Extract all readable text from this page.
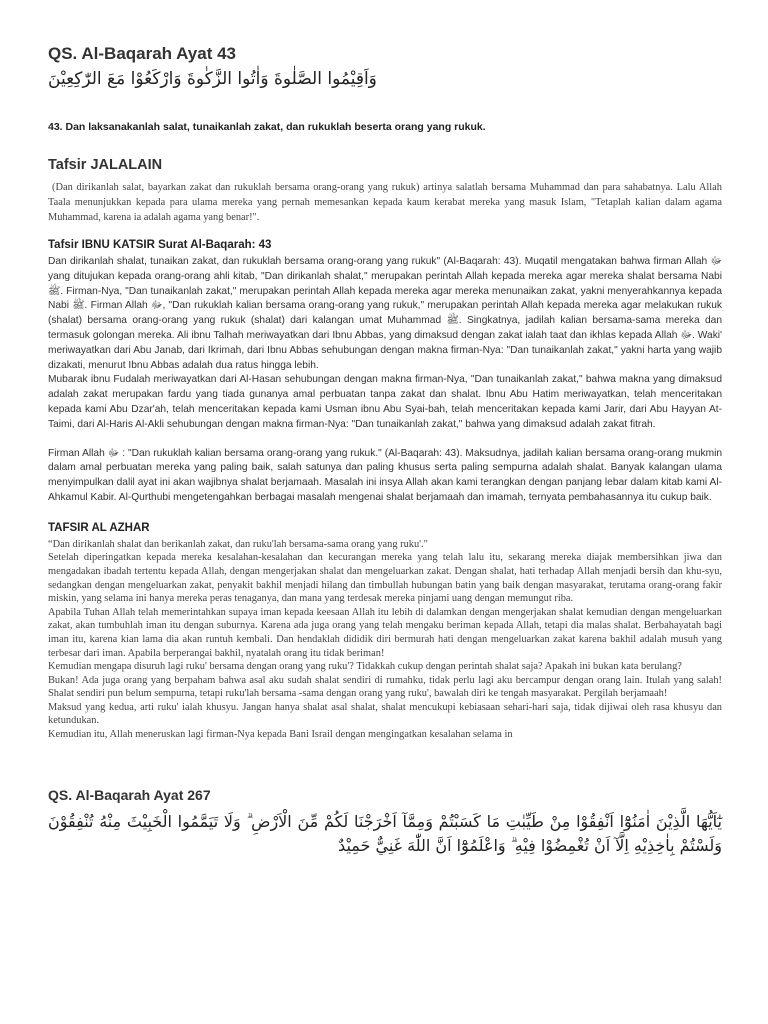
QS. Al-Baqarah Ayat 43

وَاَقِيْمُوا الصَّلٰوةَ وَاٰتُوا الزَّكٰوةَ وَارْكَعُوْا مَعَ الرّٰكِعِيْنَ

43. Dan laksanakanlah salat, tunaikanlah zakat, dan rukuklah beserta orang yang rukuk.

Tafsir JALALAIN

(Dan dirikanlah salat, bayarkan zakat dan rukuklah bersama orang-orang yang rukuk) artinya salatlah bersama Muhammad dan para sahabatnya. Lalu Allah Taala menunjukkan kepada para ulama mereka yang pernah memesankan kepada kaum kerabat mereka yang masuk Islam, "Tetaplah kalian dalam agama Muhammad, karena ia adalah agama yang benar!".

Tafsir IBNU KATSIR Surat Al-Baqarah: 43

Dan dirikanlah shalat, tunaikan zakat, dan rukuklah bersama orang-orang yang rukuk" (Al-Baqarah: 43). Muqatil mengatakan bahwa firman Allah ﷻ yang ditujukan kepada orang-orang ahli kitab, "Dan dirikanlah shalat," merupakan perintah Allah kepada mereka agar mereka shalat bersama Nabi ﷺ. Firman-Nya, "Dan tunaikanlah zakat," merupakan perintah Allah kepada mereka agar mereka menunaikan zakat, yakni menyerahkannya kepada Nabi ﷺ. Firman Allah ﷻ, "Dan rukuklah kalian bersama orang-orang yang rukuk," merupakan perintah Allah kepada mereka agar melakukan rukuk (shalat) bersama orang-orang yang rukuk (shalat) dari kalangan umat Muhammad ﷺ. Singkatnya, jadilah kalian bersama-sama mereka dan termasuk golongan mereka. Ali ibnu Talhah meriwayatkan dari Ibnu Abbas, yang dimaksud dengan zakat ialah taat dan ikhlas kepada Allah ﷻ. Waki' meriwayatkan dari Abu Janab, dari Ikrimah, dari Ibnu Abbas sehubungan dengan makna firman-Nya: "Dan tunaikanlah zakat," yakni harta yang wajib dizakati, menurut Ibnu Abbas adalah dua ratus hingga lebih.

Mubarak ibnu Fudalah meriwayatkan dari Al-Hasan sehubungan dengan makna firman-Nya, "Dan tunaikanlah zakat," bahwa makna yang dimaksud adalah zakat merupakan fardu yang tiada gunanya amal perbuatan tanpa zakat dan shalat. Ibnu Abu Hatim meriwayatkan, telah menceritakan kepada kami Abu Dzar'ah, telah menceritakan kepada kami Usman ibnu Abu Syai-bah, telah menceritakan kepada kami Jarir, dari Abu Hayyan At-Taimi, dari Al-Haris Al-Akli sehubungan dengan makna firman-Nya: "Dan tunaikanlah zakat," bahwa yang dimaksud adalah zakat fitrah.

Firman Allah ﷻ : "Dan rukuklah kalian bersama orang-orang yang rukuk." (Al-Baqarah: 43). Maksudnya, jadilah kalian bersama orang-orang mukmin dalam amal perbuatan mereka yang paling baik, salah satunya dan paling khusus serta paling sempurna adalah shalat. Banyak kalangan ulama menyimpulkan dalil ayat ini akan wajibnya shalat berjamaah. Masalah ini insya Allah akan kami terangkan dengan panjang lebar dalam kitab kami Al-Ahkamul Kabir. Al-Qurthubi mengetengahkan berbagai masalah mengenai shalat berjamaah dan imamah, ternyata pembahasannya itu cukup baik.

TAFSIR AL AZHAR

“Dan dirikanlah shalat dan berikanlah zakat, dan ruku'lah bersama-sama orang yang ruku'."

Setelah diperingatkan kepada mereka kesalahan-kesalahan dan kecurangan mereka yang telah lalu itu, sekarang mereka diajak membersihkan jiwa dan mengadakan ibadah tertentu kepada Allah, dengan mengerjakan shalat dan mengeluarkan zakat. Dengan shalat, hati terhadap Allah menjadi bersih dan khu-syu, sedangkan dengan mengeluarkan zakat, penyakit bakhil menjadi hilang dan timbullah hubungan batin yang baik dengan masyarakat, terutama orang-orang fakir miskin, yang selama ini hanya mereka peras tenaganya, dan mana yang terdesak mereka pinjami uang dengan memungut riba.

Apabila Tuhan Allah telah memerintahkan supaya iman kepada keesaan Allah itu lebih di dalamkan dengan mengerjakan shalat kemudian dengan mengeluarkan zakat, akan tumbuhlah iman itu dengan suburnya. Karena ada juga orang yang telah mengaku beriman kepada Allah, tetapi dia malas shalat. Berbahayatah bagi iman itu, karena kian lama dia akan runtuh kembali. Dan hendaklah dididik diri bermurah hati dengan mengeluarkan zakat karena bakhil adalah musuh yang terbesar dari iman. Apabila berperangai bakhil, nyatalah orang itu tidak beriman!

Kemudian mengapa disuruh lagi ruku' bersama dengan orang yang ruku'? Tidakkah cukup dengan perintah shalat saja? Apakah ini bukan kata berulang?

Bukan! Ada juga orang yang berpaham bahwa asal aku sudah shalat sendiri di rumahku, tidak perlu lagi aku bercampur dengan orang lain. Itulah yang salah! Shalat sendiri pun belum sempurna, tetapi ruku'lah bersama -sama dengan orang yang ruku', bawalah diri ke tengah masyarakat. Pergilah berjamaah!

Maksud yang kedua, arti ruku' ialah khusyu. Jangan hanya shalat asal shalat, shalat mencukupi kebiasaan sehari-hari saja, tidak dijiwai oleh rasa khusyu dan ketundukan.

Kemudian itu, Allah meneruskan lagi firman-Nya kepada Bani Israil dengan mengingatkan kesalahan selama in

QS. Al-Baqarah Ayat 267

يٰٓاَيُّهَا الَّذِيْنَ اٰمَنُوْٓا اَنْفِقُوْا مِنْ طَيِّبٰتِ مَا كَسَبْتُمْ وَمِمَّآ اَخْرَجْنَا لَكُمْ مِّنَ الْاَرْضِ ۗ وَلَا تَيَمَّمُوا الْخَبِيْثَ مِنْهُ تُنْفِقُوْنَ وَلَسْتُمْ بِاٰخِذِيْهِ اِلَّآ اَنْ تُغْمِضُوْا فِيْهِ ۗ وَاعْلَمُوْٓا اَنَّ اللّٰهَ غَنِيٌّ حَمِيْدٌ
